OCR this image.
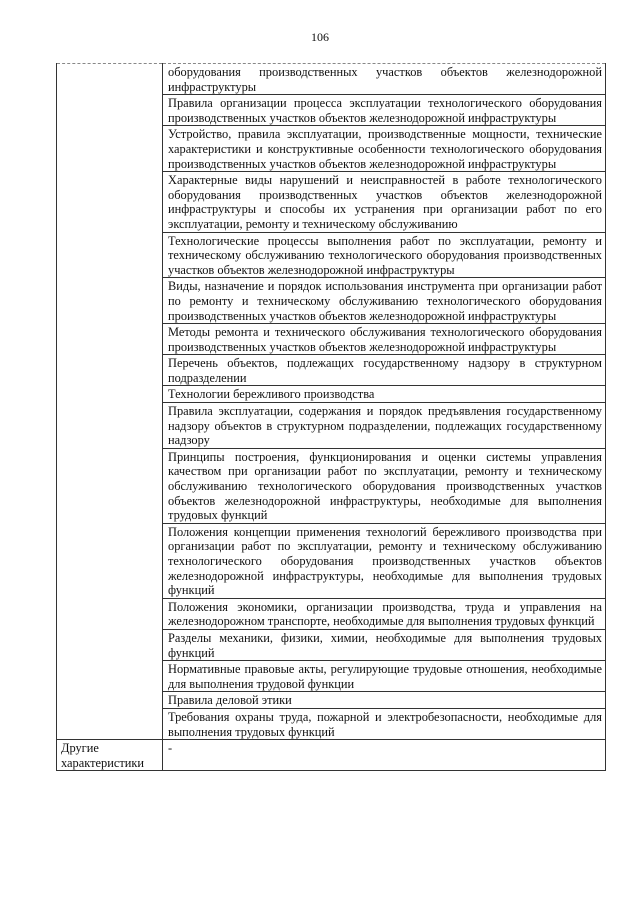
106

	оборудования производственных участков объектов железнодорожной инфраструктуры

	Правила организации процесса эксплуатации технологического оборудования производственных участков объектов железнодорожной инфраструктуры

	Устройство, правила эксплуатации, производственные мощности, технические характеристики и конструктивные особенности технологического оборудования производственных участков объектов железнодорожной инфраструктуры

	Характерные виды нарушений и неисправностей в работе технологического оборудования производственных участков объектов железнодорожной инфраструктуры и способы их устранения при организации работ по его эксплуатации, ремонту и техническому обслуживанию

	Технологические процессы выполнения работ по эксплуатации, ремонту и техническому обслуживанию технологического оборудования производственных участков объектов железнодорожной инфраструктуры

	Виды, назначение и порядок использования инструмента при организации работ по ремонту и техническому обслуживанию технологического оборудования производственных участков объектов железнодорожной инфраструктуры

	Методы ремонта и технического обслуживания технологического оборудования производственных участков объектов железнодорожной инфраструктуры

	Перечень объектов, подлежащих государственному надзору в структурном подразделении

	Технологии бережливого производства

	Правила эксплуатации, содержания и порядок предъявления государственному надзору объектов в структурном подразделении, подлежащих государственному надзору

	Принципы построения, функционирования и оценки системы управления качеством при организации работ по эксплуатации, ремонту и техническому обслуживанию технологического оборудования производственных участков объектов железнодорожной инфраструктуры, необходимые для выполнения трудовых функций

	Положения концепции применения технологий бережливого производства при организации работ по эксплуатации, ремонту и техническому обслуживанию технологического оборудования производственных участков объектов железнодорожной инфраструктуры, необходимые для выполнения трудовых функций

	Положения экономики, организации производства, труда и управления на железнодорожном транспорте, необходимые для выполнения трудовых функций

	Разделы механики, физики, химии, необходимые для выполнения трудовых функций

	Нормативные правовые акты, регулирующие трудовые отношения, необходимые для выполнения трудовой функции

	Правила деловой этики

	Требования охраны труда, пожарной и электробезопасности, необходимые для выполнения трудовых функций

Другие характеристики	-
